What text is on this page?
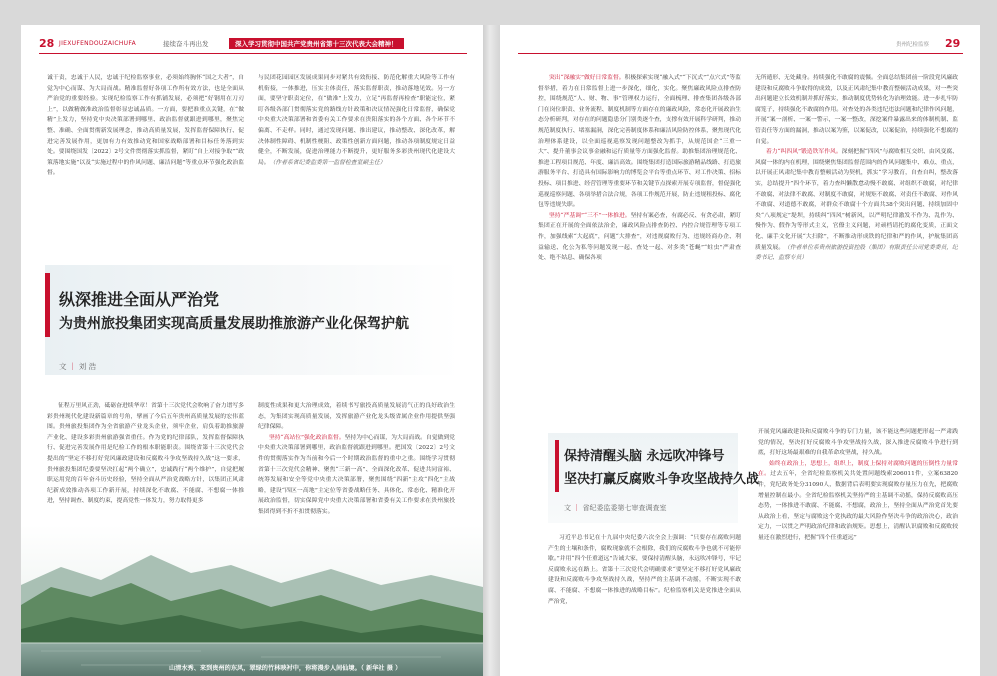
28 JIEXUFENDOUZAICHUFA	接续奋斗再出发	深入学习贯彻中国共产党贵州省第十三次代表大会精神！

诚干责，忠诚于人民，忠诚于纪检监察事业，必须始终胸怀“国之大者”，自觉为中心而谋、为大局而战。精准监督好各项工作所有效方法，也是全面从严治党的重要经验。实现纪检监察工作有抓铺发展，必须把“好钢用在刀刃上”，以做精做准政治监督彰显忠诚品质。一方面，要把准重点关键，在“做精”上发力，坚持党中央决策部署到哪里、政治监督就跟进到哪里，聚焦完整、准确、全面贯彻新发展理念，推动高质量发展，发挥监督保障执行、促进完善发展作用，更加有力有效推动党和国家战略部署和目标任务落到实处。要围绕国发〔2022〕2号文件贯彻落实抓监督，紧盯“自上对接争取”“政策落地实施”以及“实施过程中的作风问题、廉洁问题”等重点环节强化政治监督。

与民团花园园区发展成果同步对紧共有效衔接、防范化解重大风险等工作有机衔接，一体推进，压实主体责任，落实监督职责，推动落地见效。另一方面，要坚守职责定位，在“做准”上发力，立足“再监督再检查”职能定位，紧盯各级各部门贯彻落实党的路线方针政策和决议情况强化日常监督，确保党中央重大决策部署和省委有关工作要求在贵阳落实的各个方面、各个环节不偏离、不走样。同时，通过发现问题、推出建议，推动整改、深化改革，解决体制性障碍、机制性梗阻、政策性创新方面问题，推动各项制度规定日益健全，不断发展，促进治理能力不断提升，更好服务多彩贵州现代化建设大局。（作者系省纪委监委第一监督检查室副主任）

纵深推进全面从严治党
为贵州旅投集团实现高质量发展助推旅游产业化保驾护航
文 ｜ 刘 浩

征程万里风正劲，砥砺奋进续华章！省第十三次党代会吹响了奋力谱写多彩贵州现代化建设新篇章的号角，擘画了今后五年贵州高质量发展的宏伟蓝图。贵州旅投集团作为全省旅游产业龙头企业，须牢企业，肩负着助推旅游产业化、建设多彩贵州旅游强省重任。作为党的纪律部队，发挥监督保障执行、促进完善发展作用是纪检工作的根本职能职责。围绕省第十三次党代会提出的“坚定不移打好党风廉政建设和反腐败斗争攻坚战持久战”这一要求，贵州旅投集团纪委要坚决扛起“两个确立”，忠诚践行“两个维护”，自觉把履职运用党的百年奋斗历史经验，坚持全面从严治党战略方针，以集团正风肃纪新成效推动各项工作新开展，持续深化不敢腐、不能腐、不想腐一体推进，坚持调查、制度约束，提高党性一体发力，努力取得更多

制度性成果和更大治理成效，着续书写旅投高质量发展清气正的良好政治生态，为集团实现高质量发展，发挥旅游产业化龙头级省属企业作用提供坚强纪律保障。

坚持“高站位”强化政治监督。坚持为中心而谋，为大局而战。自觉做到党中央重大决策部署到哪里，政治监督就跟进到哪里。把国发〔2022〕2号文件的贯彻落实作为当前和今后一个时期政治监督的重中之重。围绕学习贯彻省第十三次党代会精神、聚焦“三新一高”、全面深化改革、促进共同富裕、统筹发展和安全等党中央重大决策部署，聚焦围绕“四新”主攻“四化”主战略，建设“四区一高地”主定位等省委战略任务、具体化、常态化、精准化开展政治监督，切实保障党中央重大决策部署和省委有关工作要求在贵州旅投集团得到不折不扣贯彻落实。

山清水秀、来到贵州的东风，翠绿的竹林映衬中，你将漫步人间仙境。（ 新华社 摄 ）
贵州纪检监察 29

突出“深融实”做好日常监督。积极探索实现“融入式”“下沉式”“点穴式”等监督举措，着力在日常监督上进一步深化，细化，实化。聚焦廉政风险点排查防控，围绕规范“人、财、物、事”管理权力运行，全面梳理、排查集团各级各部门在岗位职责、业务流程、制度机制等方面存在的廉政风险，常态化开展政治生态分析研判，对存在的问题隐患分门别类逐个查，支撑有效开展科学研判，推动规范制度执行、堵塞漏洞，深化完善制度体系和廉洁风险防控体系，聚焦现代化治理体系建设，以全面巡视巡察发现问题整改为抓手，从规范国企“三重一大”、提升董事会议事金融和运行质量等方面强化监督。助推集团治理规范化、推进工程项目规范、年度、廉洁高效。围绕集团打造国际旅游精品线路、打造旅游服务平台、打造具有国际影响力的博览会平台等重点环节、对工作决策、招标投标、项目推进、经营管理等重要环节和关键节点探索开展专项监督，督促强化巡视巡察问题、各项举措合法合规，各项工作规范开展，防止违规租投标、腐化包等违规失职。

坚持“严基调”“三不”一体推进。坚持有案必查，有腐必反、有贪必肃，紧盯集团正在开展的全面依法治企，廉政风险点排查防控、内控合规管理等专项工作，加强线索“大起底”，问题“大排查”，对违规腐败行为、违规经商办企、利益输送、化公为私等问题发现一起、查处一起、对多类“苍蝇”“蛀虫”严肃查处、绝不姑息、确保各项

无所遁形、无处藏身。持续强化不敢腐的震慑。全面总结集团前一阶段党风廉政建设和反腐败斗争取得的成效，以及正风肃纪集中教育整顿活动成果，对一些突出问题建立长效机制并抓好落实，推动制度优势转化为治理效能。进一步扎牢防腐笼子，持续强化不敢腐的作用。对查处的各类违纪违法问题和纪律作风问题，开展“案一剖析、一案一警示，一案一整改，深挖案件暴露出来的体制机制、监管责任等方面的漏洞，推动以案为鉴，以案促改，以案促治，持续强化不想腐的自觉。

着力“纠四风”锻造铁军作风。深刻把握“四风”与腐败相互交织、由风变腐、风腐一体的内在机理，围绕聚焦集团监督范围内的作风问题集中、难点、重点，以开展正风肃纪集中教育整顿活动为契机，抓实“学习教育，自查自纠，整改落实，总结提升”四个环节，着力查纠懒散怠动慢不敢腐、对组织不敢腐，对纪律不敢腐、对法律不敢腐、对制度不敢腐，对规矩不敢腐、对责任不敢腐、对作风不敢腐、对道德不敢腐，对群众不敢腐十个方面共38个突出问题、持续加固中央“八项规定”堤坝，持续纠“四风”树新风，以严明纪律激发不作为、乱作为、慢作为、假作为等形式主义，官僚主义问题，对顽档请托的腐化变质，正面文化、廉手文化开展“大扫除”，不断推动形成铁的纪律和严的作风，护航集团高质量发展。（作者单位系贵州旅游投资控股（集团）有限责任公司党委委员，纪委书记、监察专员）

保持清醒头脑 永远吹冲锋号
坚决打赢反腐败斗争攻坚战持久战
文 ｜ 省纪委监委第七审查调查室

习近平总书记在十九届中央纪委六次全会上强调：“只要存在腐败问题产生的土壤和条件，腐败现象就不会根除，我们的反腐败斗争也就不可能停歇。”并用“四个任重道远”告诫大家，要保持清醒头脑，永远吹冲锋号，牢记反腐败永远在路上。省第十三次党代会明确要求“要坚定不移打好党风廉政建设和反腐败斗争攻坚战持久战，坚持严的主基调不动摇，不断实现不敢腐、不能腐、不想腐一体推进的战略目标”。纪检监察机关是党推进全面从严治党，

开展党风廉政建设和反腐败斗争的专门力量，该不能这些问题把形起一严肃践党的情况，坚决打好反腐败斗争攻坚战持久战，深入推进反腐败斗争进行到底，打好这场最艰难的自我革命攻坚战，持久战。

始终在政治上，思想上，组织上，制度上保持对腐败问题的压倒性力量常在。过去五年，全省纪检监察机关共处置问题线索206011件，立案63820件，党纪政务处分31090人，数据背后表明要实现腐败存量压力在先，把腐败增量控制在最小。全省纪检监察机关坚持严的主基调不动摇，保持反腐败高压态势，一体推进不敢腐、不能腐、不想腐，政治上，坚持全面从严治党首先要从政治上看，坚定与腐败这个党执政的最大风险作坚决斗争的政治决心，政治定力，一以贯之严明政治纪律和政治规矩。思想上，清醒认识腐败和反腐败较量还在激烈进行，把握“四个任重道远”
